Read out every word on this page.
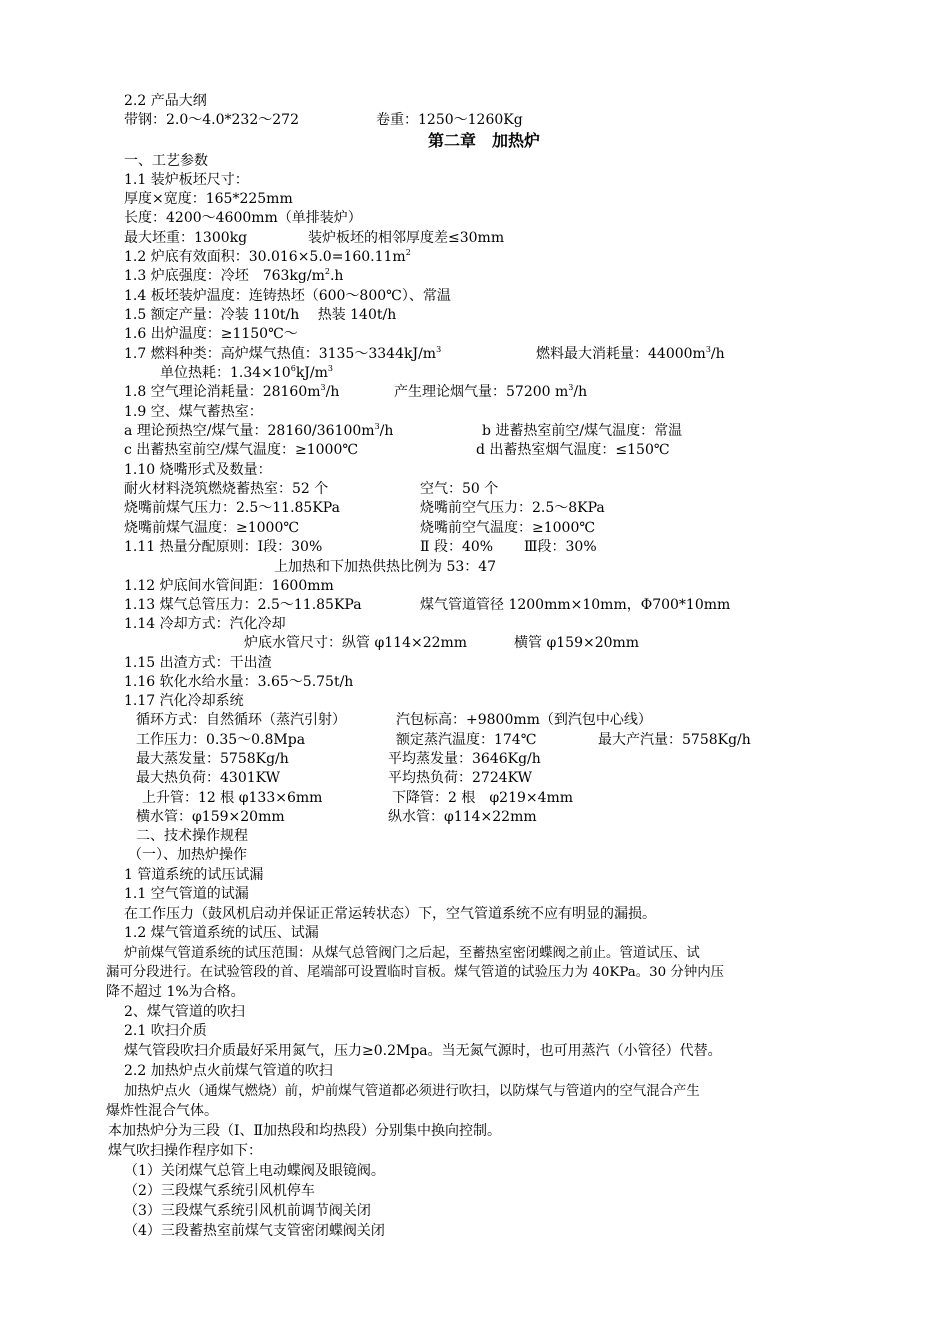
2.2 产品大纲
带钢：2.0～4.0*232～272	卷重：1250～1260Kg
第二章　加热炉
一、工艺参数
1.1 装炉板坯尺寸：
厚度×宽度：165*225mm
长度：4200～4600mm（单排装炉）
最大坯重：1300kg	装炉板坯的相邻厚度差≤30mm
1.2 炉底有效面积：$30.016\times 5.0=160.11m^2$
1.3 炉底强度：冷坯　$763kg/m^2.h$
1.4 板坯装炉温度：连铸热坯（600～800℃）、常温
1.5 额定产量：冷装 110t/h　 热装 140t/h
1.6 出炉温度：≥1150℃～
1.7 燃料种类：高炉煤气热值：$3135\sim 3344kJ/m^3$	燃料最大消耗量：$44000m^3/h$
单位热耗：$1.34\times 10^6kJ/m^3$
1.8 空气理论消耗量：$28160m^3/h$	产生理论烟气量：57200 $m^3/h$
1.9 空、煤气蓄热室：
a 理论预热空/煤气量：$28160/36100m^3/h$	b 进蓄热室前空/煤气温度：常温
c 出蓄热室前空/煤气温度：≥1000℃	d 出蓄热室烟气温度：≤150℃
1.10 烧嘴形式及数量：
耐火材料浇筑燃烧蓄热室：52 个	空气：50 个
烧嘴前煤气压力：2.5～11.85KPa	烧嘴前空气压力：2.5～8KPa
烧嘴前煤气温度：≥1000℃	烧嘴前空气温度：≥1000℃
1.11 热量分配原则：Ⅰ段：30%	Ⅱ 段：40% Ⅲ段：30%
上加热和下加热供热比例为 53：47
1.12 炉底间水管间距：1600mm
1.13 煤气总管压力：2.5～11.85KPa	煤气管道管径 1200mm×10mm，Φ700*10mm
1.14 冷却方式：汽化冷却
炉底水管尺寸：纵管 φ114×22mm	横管 φ159×20mm
1.15 出渣方式：干出渣
1.16 软化水给水量：3.65～5.75t/h
1.17 汽化冷却系统
循环方式：自然循环（蒸汽引射）	汽包标高：+9800mm（到汽包中心线）
工作压力：0.35～0.8Mpa	额定蒸汽温度：174℃	最大产汽量：5758Kg/h
最大蒸发量：5758Kg/h	平均蒸发量：3646Kg/h
最大热负荷：4301KW	平均热负荷：2724KW
上升管：12 根 φ133×6mm	下降管：2 根　φ219×4mm
横水管：φ159×20mm	纵水管：φ114×22mm
二、技术操作规程
（一）、加热炉操作
1 管道系统的试压试漏
1.1 空气管道的试漏
在工作压力（鼓风机启动并保证正常运转状态）下，空气管道系统不应有明显的漏损。
1.2 煤气管道系统的试压、试漏
炉前煤气管道系统的试压范围：从煤气总管阀门之后起，至蓄热室密闭蝶阀之前止。管道试压、试
漏可分段进行。在试验管段的首、尾端部可设置临时盲板。煤气管道的试验压力为 40KPa。30 分钟内压
降不超过 1%为合格。
2、煤气管道的吹扫
2.1 吹扫介质
煤气管段吹扫介质最好采用氮气，压力≥0.2Mpa。当无氮气源时，也可用蒸汽（小管径）代替。
2.2 加热炉点火前煤气管道的吹扫
加热炉点火（通煤气燃烧）前，炉前煤气管道都必须进行吹扫，以防煤气与管道内的空气混合产生
爆炸性混合气体。
本加热炉分为三段（Ⅰ、Ⅱ加热段和均热段）分别集中换向控制。
煤气吹扫操作程序如下：
（1）关闭煤气总管上电动蝶阀及眼镜阀。
（2）三段煤气系统引风机停车
（3）三段煤气系统引风机前调节阀关闭
（4）三段蓄热室前煤气支管密闭蝶阀关闭
